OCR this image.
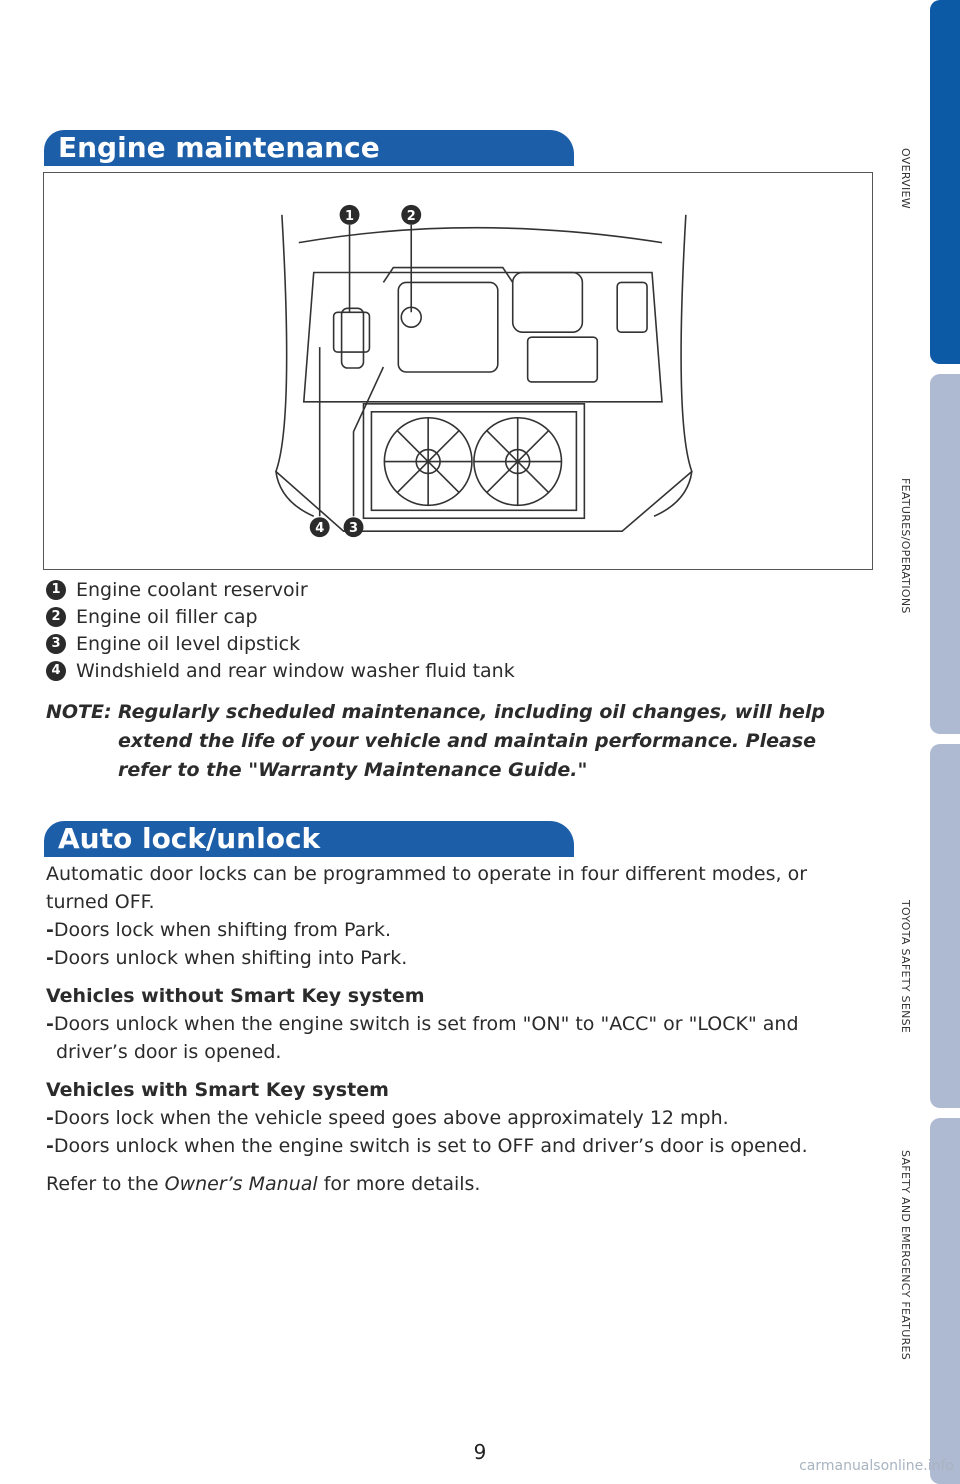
Engine maintenance
1	2
3
4
1 Engine coolant reservoir
2 Engine oil filler cap
3 Engine oil level dipstick
4 Windshield and rear window washer fluid tank
NOTE: Regularly scheduled maintenance, including oil changes, will help extend the life of your vehicle and maintain performance. Please refer to the "Warranty Maintenance Guide."
Auto lock/unlock

Automatic door locks can be programmed to operate in four different modes, or turned OFF.

-Doors lock when shifting from Park.

-Doors unlock when shifting into Park.

Vehicles without Smart Key system

-Doors unlock when the engine switch is set from "ON" to "ACC" or "LOCK" and driver’s door is opened.

Vehicles with Smart Key system

-Doors lock when the vehicle speed goes above approximately 12 mph.

-Doors unlock when the engine switch is set to OFF and driver’s door is opened.

Refer to the Owner’s Manual for more details.

OVERVIEW
FEATURES/OPERATIONS
TOYOTA SAFETY SENSE
SAFETY AND EMERGENCY FEATURES
9
carmanualsonline.info
